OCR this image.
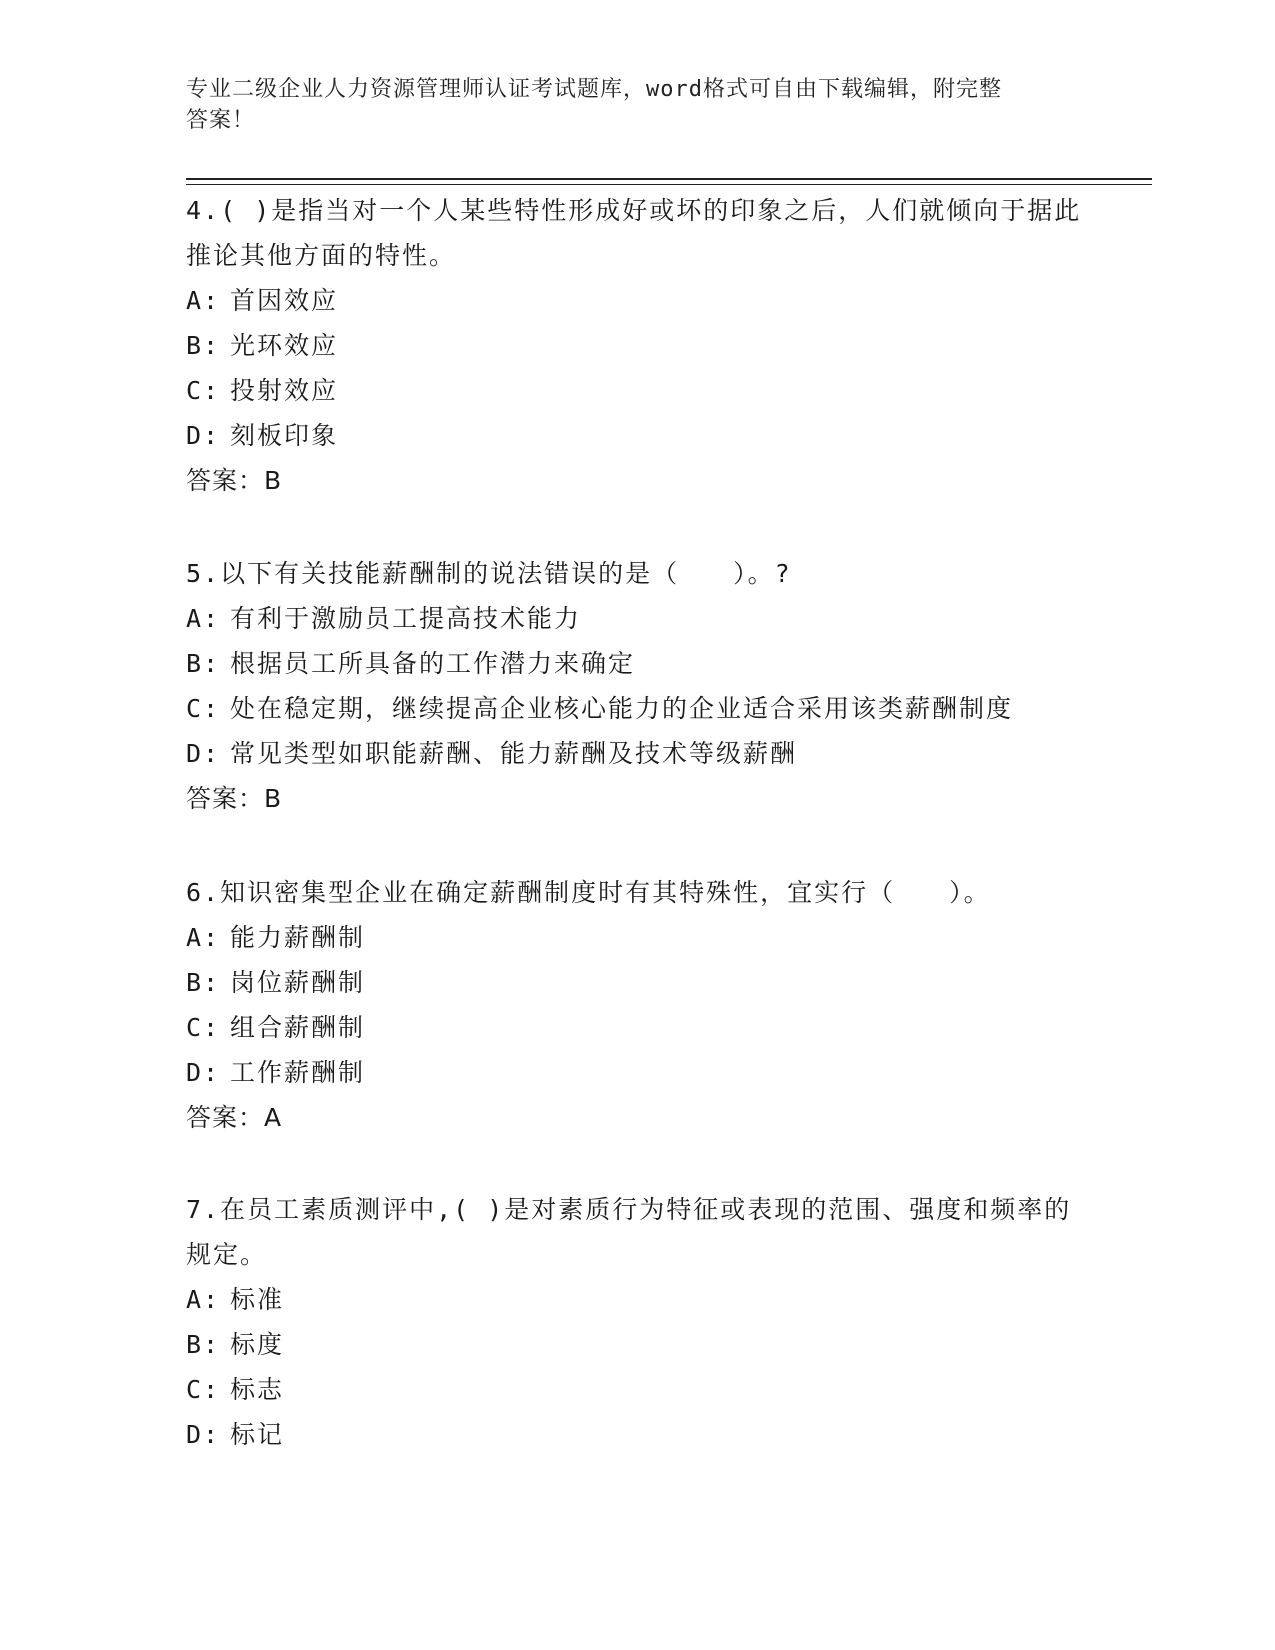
专业二级企业人力资源管理师认证考试题库，word格式可自由下载编辑，附完整
答案！

4.( )是指当对一个人某些特性形成好或坏的印象之后，人们就倾向于据此推论其他方面的特性。

A: 首因效应

B: 光环效应

C: 投射效应

D: 刻板印象

答案：B

5.以下有关技能薪酬制的说法错误的是（　　）。?

A: 有利于激励员工提高技术能力

B: 根据员工所具备的工作潜力来确定

C: 处在稳定期，继续提高企业核心能力的企业适合采用该类薪酬制度

D: 常见类型如职能薪酬、能力薪酬及技术等级薪酬

答案：B

6.知识密集型企业在确定薪酬制度时有其特殊性，宜实行（　　）。

A: 能力薪酬制

B: 岗位薪酬制

C: 组合薪酬制

D: 工作薪酬制

答案：A

7.在员工素质测评中,( )是对素质行为特征或表现的范围、强度和频率的规定。

A: 标准

B: 标度

C: 标志

D: 标记
